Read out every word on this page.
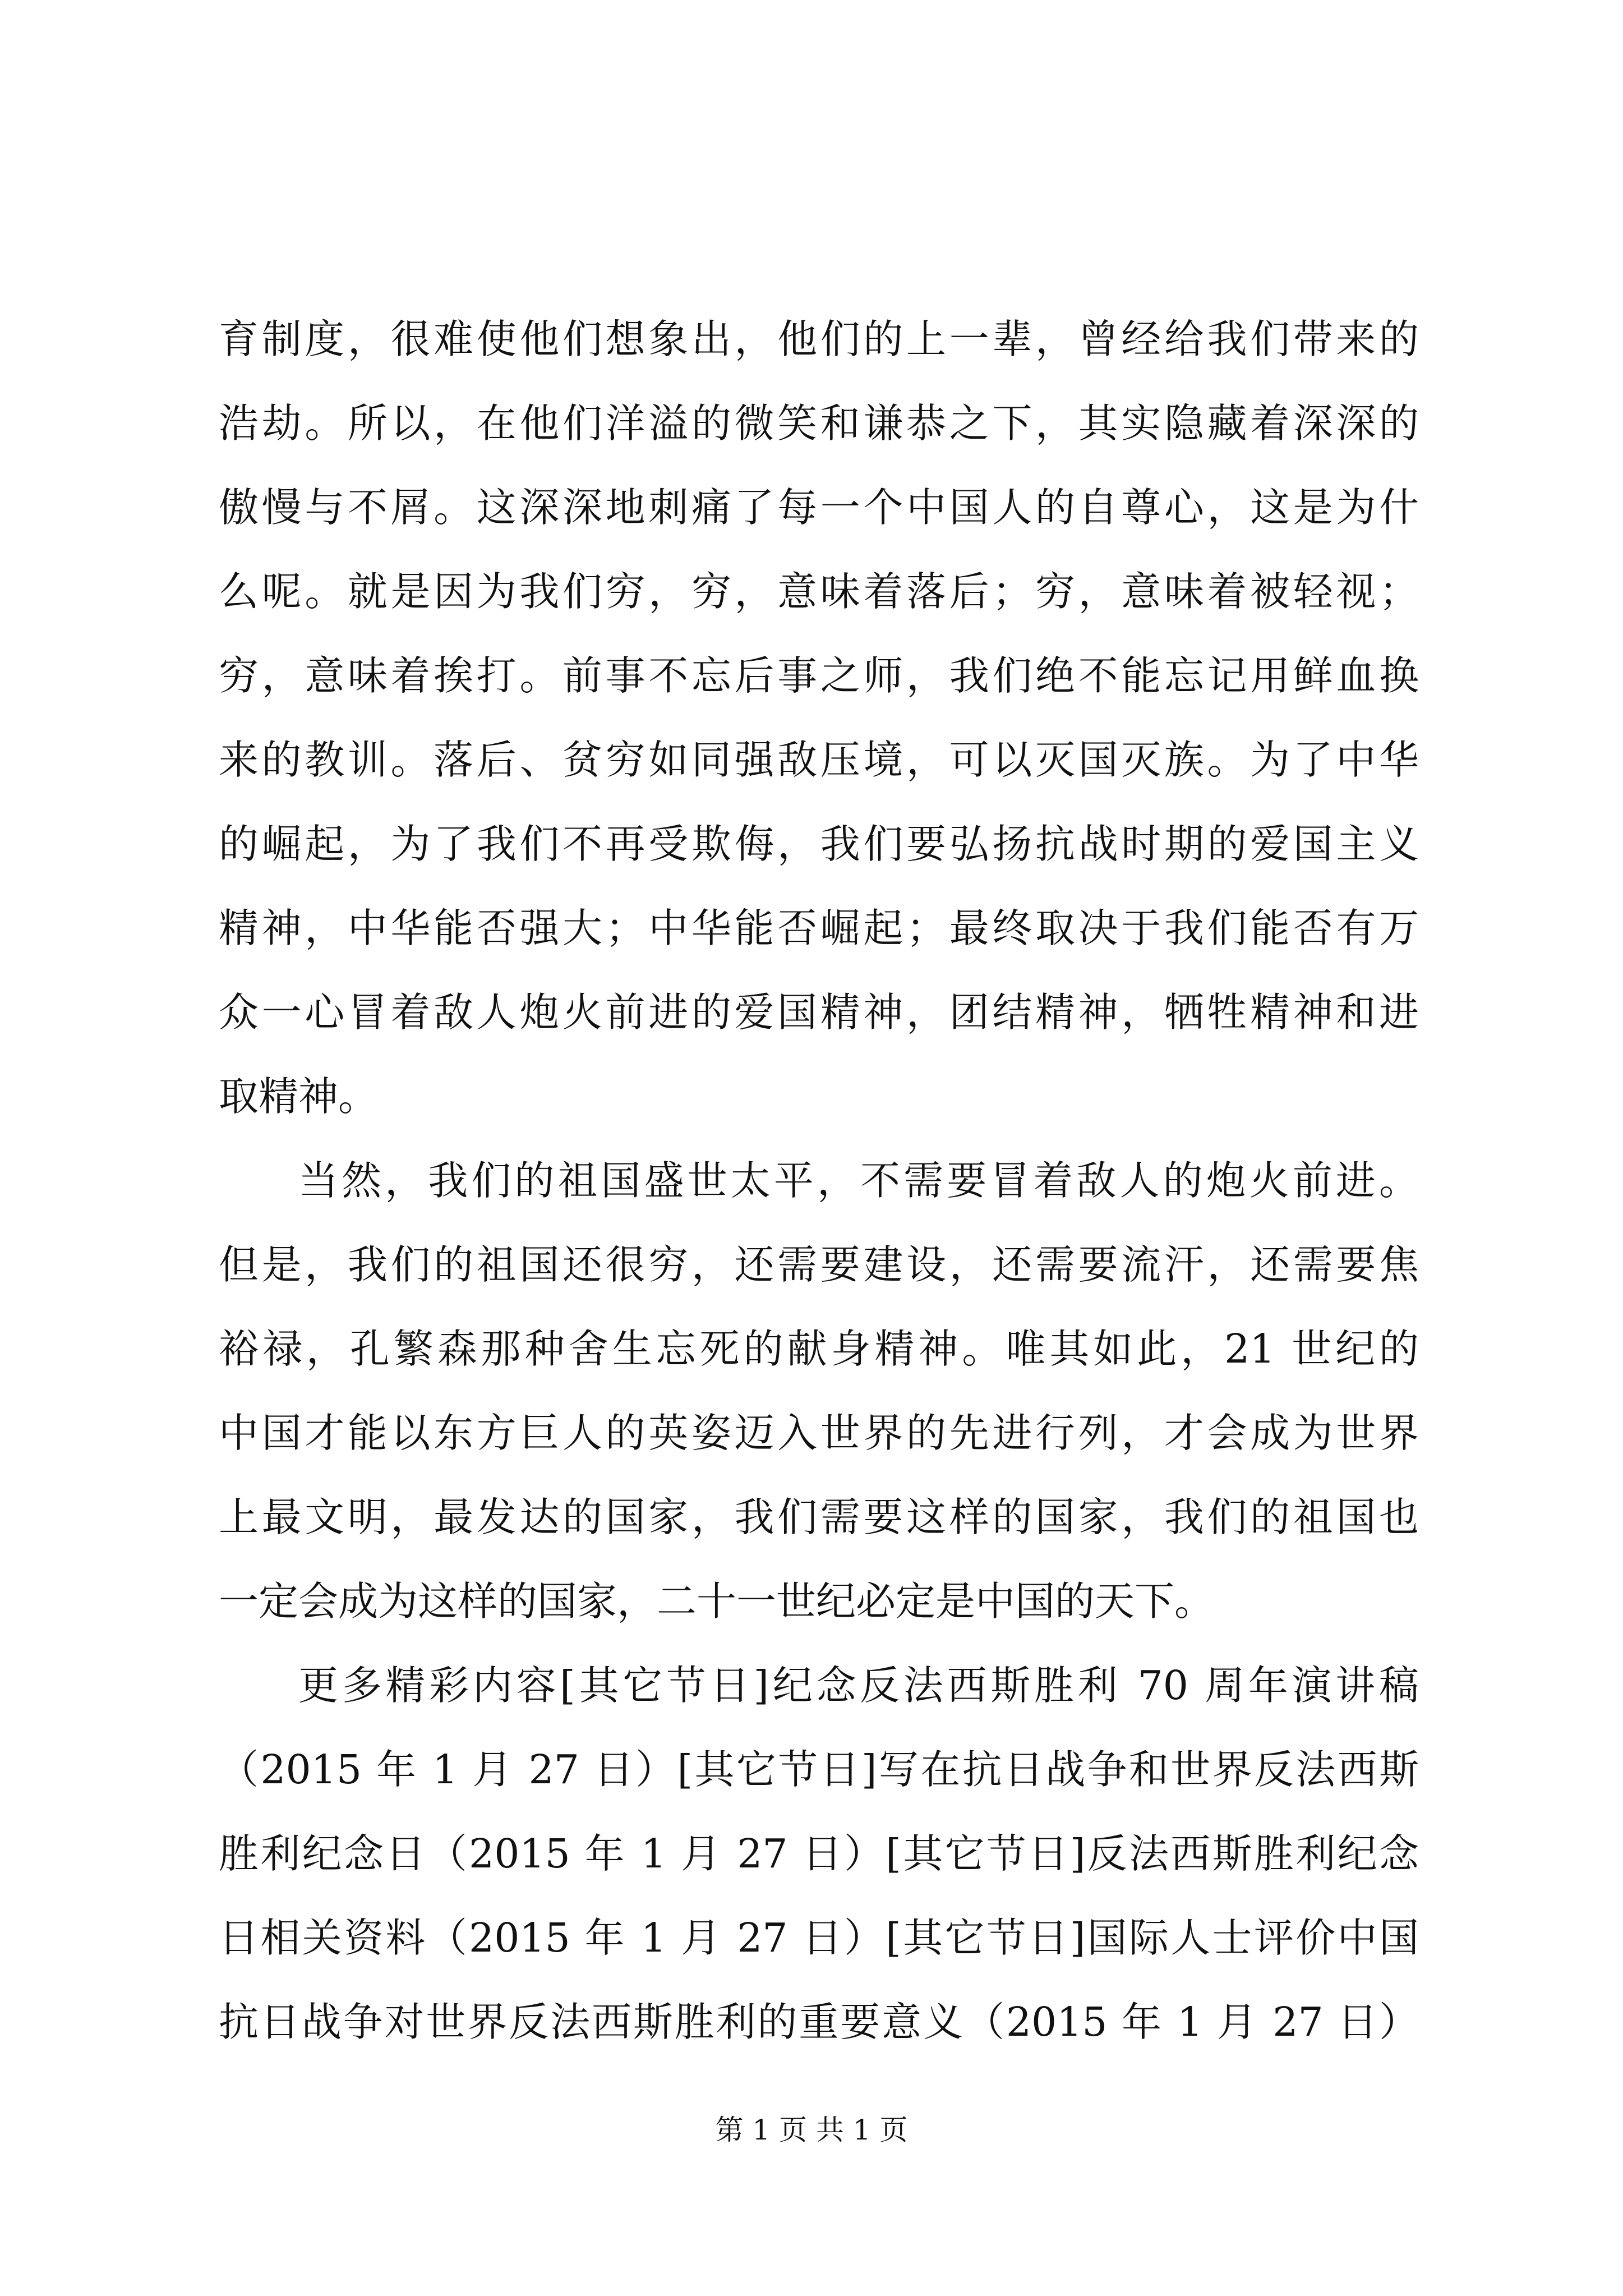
育制度，很难使他们想象出，他们的上一辈，曾经给我们带来的
浩劫。所以，在他们洋溢的微笑和谦恭之下，其实隐藏着深深的
傲慢与不屑。这深深地刺痛了每一个中国人的自尊心，这是为什
么呢。就是因为我们穷，穷，意味着落后；穷，意味着被轻视；
穷，意味着挨打。前事不忘后事之师，我们绝不能忘记用鲜血换
来的教训。落后、贫穷如同强敌压境，可以灭国灭族。为了中华
的崛起，为了我们不再受欺侮，我们要弘扬抗战时期的爱国主义
精神，中华能否强大；中华能否崛起；最终取决于我们能否有万
众一心冒着敌人炮火前进的爱国精神，团结精神，牺牲精神和进
取精神。
当然，我们的祖国盛世太平，不需要冒着敌人的炮火前进。
但是，我们的祖国还很穷，还需要建设，还需要流汗，还需要焦
裕禄，孔繁森那种舍生忘死的献身精神。唯其如此，21 世纪的
中国才能以东方巨人的英姿迈入世界的先进行列，才会成为世界
上最文明，最发达的国家，我们需要这样的国家，我们的祖国也
一定会成为这样的国家，二十一世纪必定是中国的天下。
更多精彩内容[其它节日]纪念反法西斯胜利 70 周年演讲稿
（2015 年 1 月 27 日）[其它节日]写在抗日战争和世界反法西斯
胜利纪念日（2015 年 1 月 27 日）[其它节日]反法西斯胜利纪念
日相关资料（2015 年 1 月 27 日）[其它节日]国际人士评价中国
抗日战争对世界反法西斯胜利的重要意义（2015 年 1 月 27 日）
第 1 页 共 1 页
